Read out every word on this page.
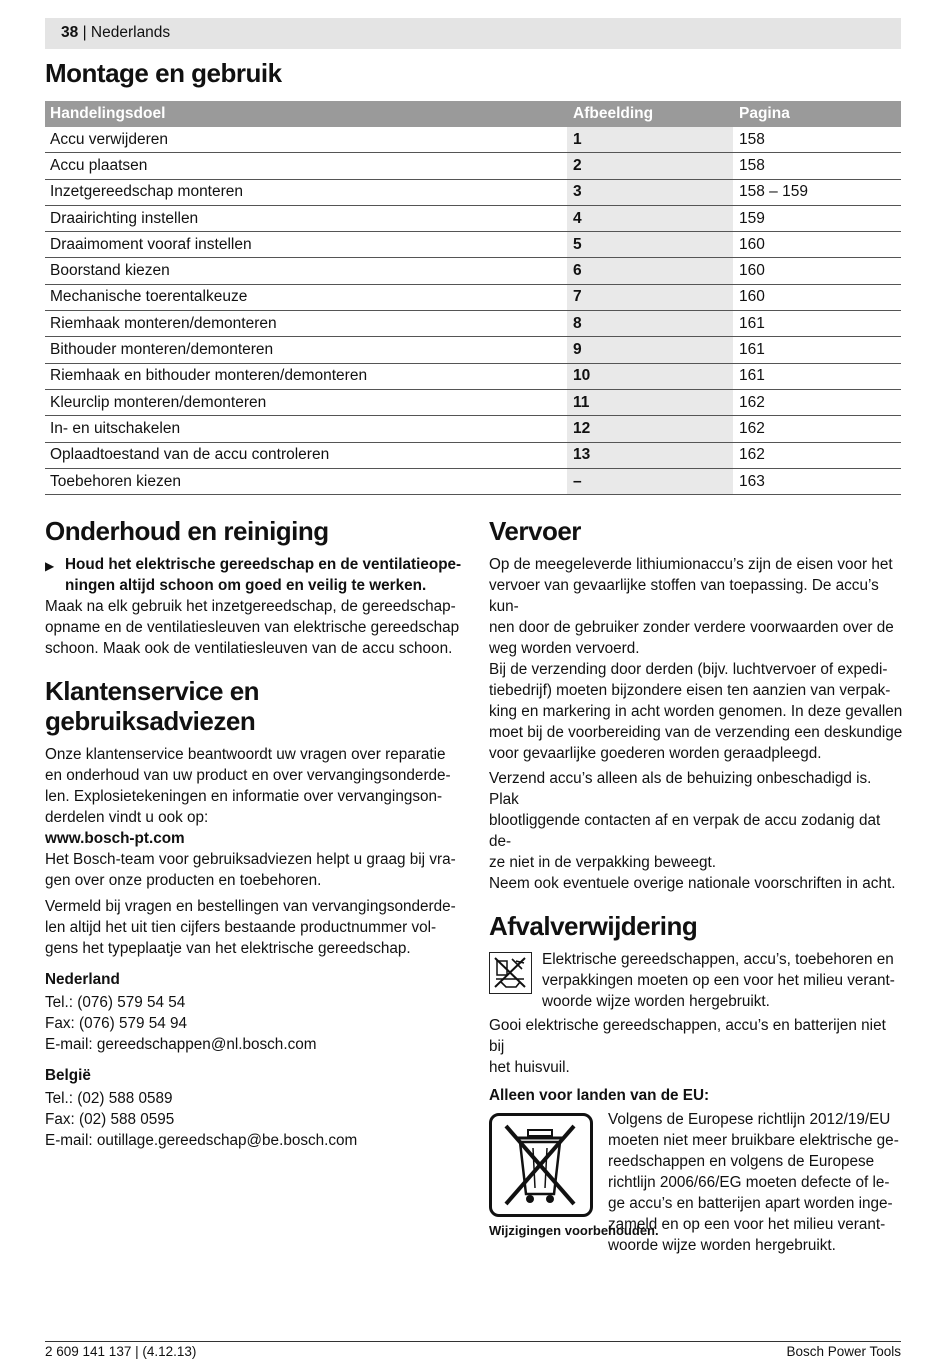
38 | Nederlands
Montage en gebruik
Handelingsdoel	Afbeelding	Pagina
Accu verwijderen	1	158
Accu plaatsen	2	158
Inzetgereedschap monteren	3	158 – 159
Draairichting instellen	4	159
Draaimoment vooraf instellen	5	160
Boorstand kiezen	6	160
Mechanische toerentalkeuze	7	160
Riemhaak monteren/demonteren	8	161
Bithouder monteren/demonteren	9	161
Riemhaak en bithouder monteren/demonteren	10	161
Kleurclip monteren/demonteren	11	162
In- en uitschakelen	12	162
Oplaadtoestand van de accu controleren	13	162
Toebehoren kiezen	–	163
Onderhoud en reiniging
▶ Houd het elektrische gereedschap en de ventilatieope-

ningen altijd schoon om goed en veilig te werken.

Maak na elk gebruik het inzetgereedschap, de gereedschap-

opname en de ventilatiesleuven van elektrische gereedschap

schoon. Maak ook de ventilatiesleuven van de accu schoon.

Klantenservice en gebruiksadviezen

Onze klantenservice beantwoordt uw vragen over reparatie

en onderhoud van uw product en over vervangingsonderde-

len. Explosietekeningen en informatie over vervangingson-

derdelen vindt u ook op:

www.bosch-pt.com

Het Bosch-team voor gebruiksadviezen helpt u graag bij vra-

gen over onze producten en toebehoren.

Vermeld bij vragen en bestellingen van vervangingsonderde-

len altijd het uit tien cijfers bestaande productnummer vol-

gens het typeplaatje van het elektrische gereedschap.

Nederland

Tel.: (076) 579 54 54

Fax: (076) 579 54 94

E-mail: gereedschappen@nl.bosch.com

België

Tel.: (02) 588 0589

Fax: (02) 588 0595

E-mail: outillage.gereedschap@be.bosch.com

Vervoer

Op de meegeleverde lithiumionaccu’s zijn de eisen voor het

vervoer van gevaarlijke stoffen van toepassing. De accu’s kun-

nen door de gebruiker zonder verdere voorwaarden over de

weg worden vervoerd.

Bij de verzending door derden (bijv. luchtvervoer of expedi-

tiebedrijf) moeten bijzondere eisen ten aanzien van verpak-

king en markering in acht worden genomen. In deze gevallen

moet bij de voorbereiding van de verzending een deskundige

voor gevaarlijke goederen worden geraadpleegd.

Verzend accu’s alleen als de behuizing onbeschadigd is. Plak

blootliggende contacten af en verpak de accu zodanig dat de-

ze niet in de verpakking beweegt.

Neem ook eventuele overige nationale voorschriften in acht.

Afvalverwijdering

Elektrische gereedschappen, accu’s, toebehoren en

verpakkingen moeten op een voor het milieu verant-

woorde wijze worden hergebruikt.

Gooi elektrische gereedschappen, accu’s en batterijen niet bij

het huisvuil.

Alleen voor landen van de EU:

Volgens de Europese richtlijn 2012/19/EU

moeten niet meer bruikbare elektrische ge-

reedschappen en volgens de Europese

richtlijn 2006/66/EG moeten defecte of le-

ge accu’s en batterijen apart worden inge-

zameld en op een voor het milieu verant-

woorde wijze worden hergebruikt.

Wijzigingen voorbehouden.
2 609 141 137 | (4.12.13)	Bosch Power Tools
